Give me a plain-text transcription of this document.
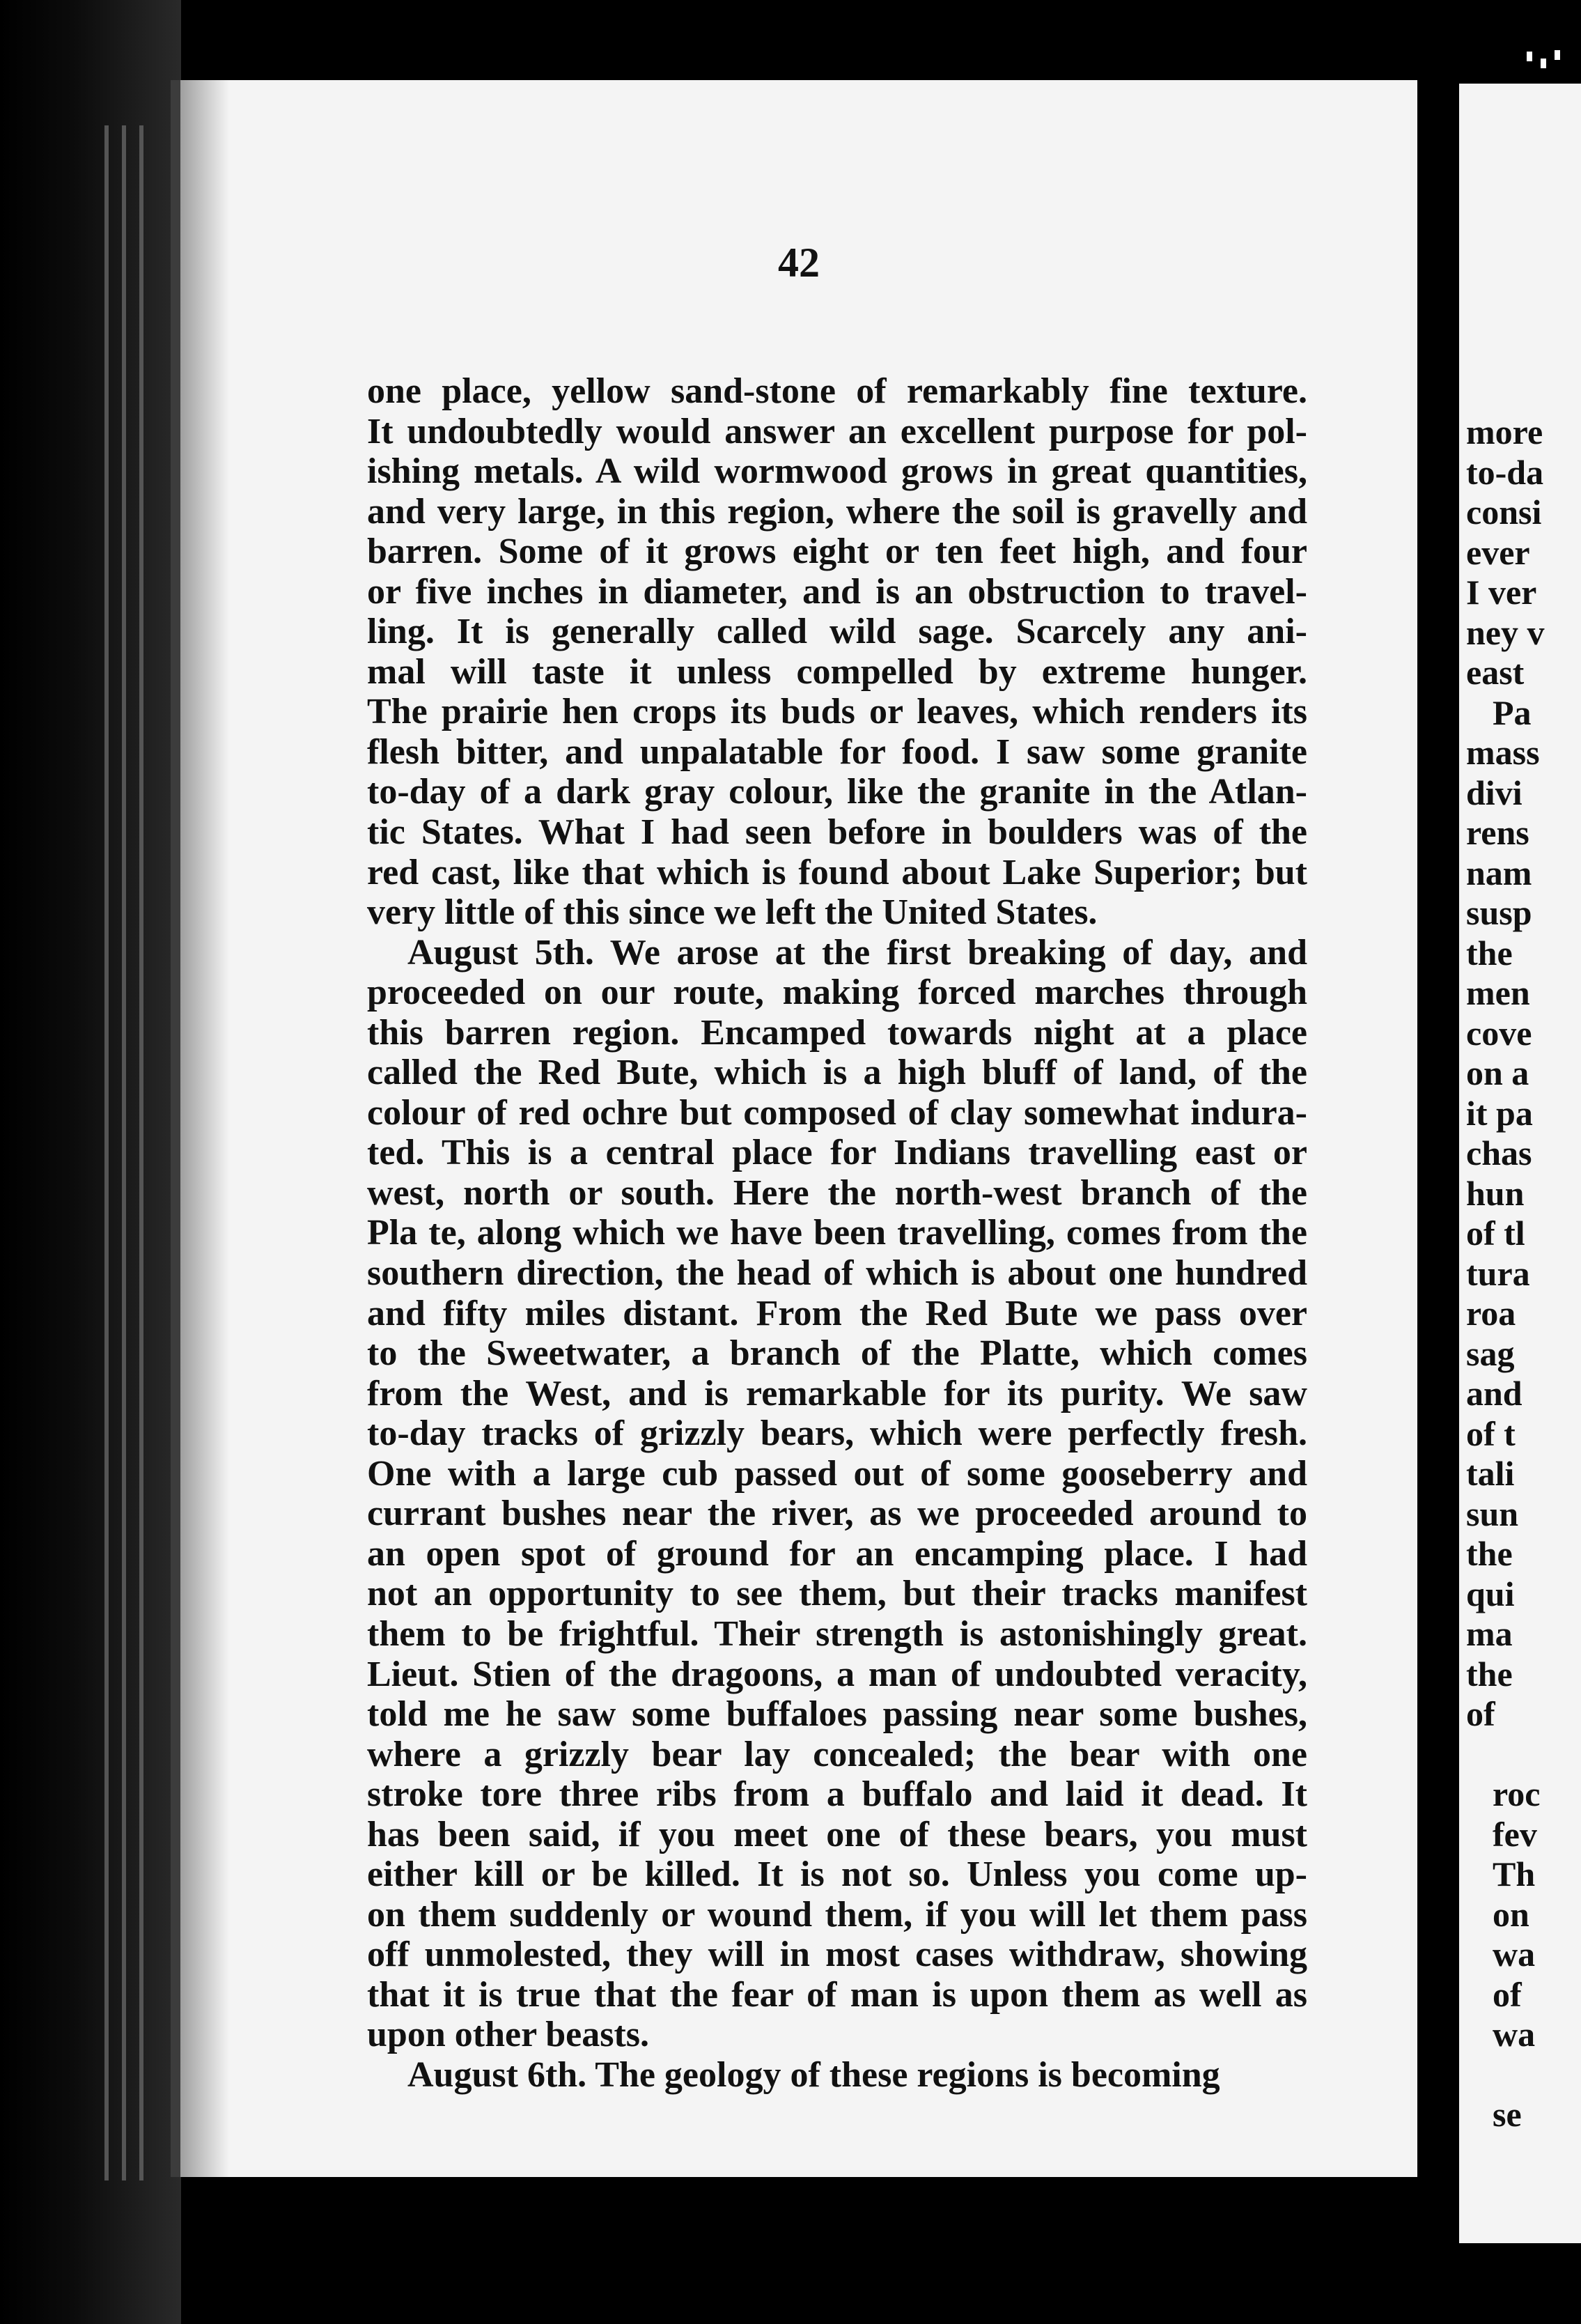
42
one place, yellow sand-stone of remarkably fine texture.
It undoubtedly would answer an excellent purpose for pol-
ishing metals. A wild wormwood grows in great quantities,
and very large, in this region, where the soil is gravelly and
barren. Some of it grows eight or ten feet high, and four
or five inches in diameter, and is an obstruction to travel-
ling. It is generally called wild sage. Scarcely any ani-
mal will taste it unless compelled by extreme hunger.
The prairie hen crops its buds or leaves, which renders its
flesh bitter, and unpalatable for food. I saw some granite
to-day of a dark gray colour, like the granite in the Atlan-
tic States. What I had seen before in boulders was of the
red cast, like that which is found about Lake Superior; but
very little of this since we left the United States.
August 5th. We arose at the first breaking of day, and
proceeded on our route, making forced marches through
this barren region. Encamped towards night at a place
called the Red Bute, which is a high bluff of land, of the
colour of red ochre but composed of clay somewhat indura-
ted. This is a central place for Indians travelling east or
west, north or south. Here the north-west branch of the
Pla te, along which we have been travelling, comes from the
southern direction, the head of which is about one hundred
and fifty miles distant. From the Red Bute we pass over
to the Sweetwater, a branch of the Platte, which comes
from the West, and is remarkable for its purity. We saw
to-day tracks of grizzly bears, which were perfectly fresh.
One with a large cub passed out of some gooseberry and
currant bushes near the river, as we proceeded around to
an open spot of ground for an encamping place. I had
not an opportunity to see them, but their tracks manifest
them to be frightful. Their strength is astonishingly great.
Lieut. Stien of the dragoons, a man of undoubted veracity,
told me he saw some buffaloes passing near some bushes,
where a grizzly bear lay concealed; the bear with one
stroke tore three ribs from a buffalo and laid it dead. It
has been said, if you meet one of these bears, you must
either kill or be killed. It is not so. Unless you come up-
on them suddenly or wound them, if you will let them pass
off unmolested, they will in most cases withdraw, showing
that it is true that the fear of man is upon them as well as
upon other beasts.
August 6th. The geology of these regions is becoming
more
to-da
consi
ever
I ver
ney v
east
Pa
mass
divi
rens
nam
susp
the
men
cove
on a
it pa
chas
hun
of tl
tura
roa
sag
and
of t
tali
sun
the
qui
ma
the
of
roc
fev
Th
on
wa
of
wa
se
